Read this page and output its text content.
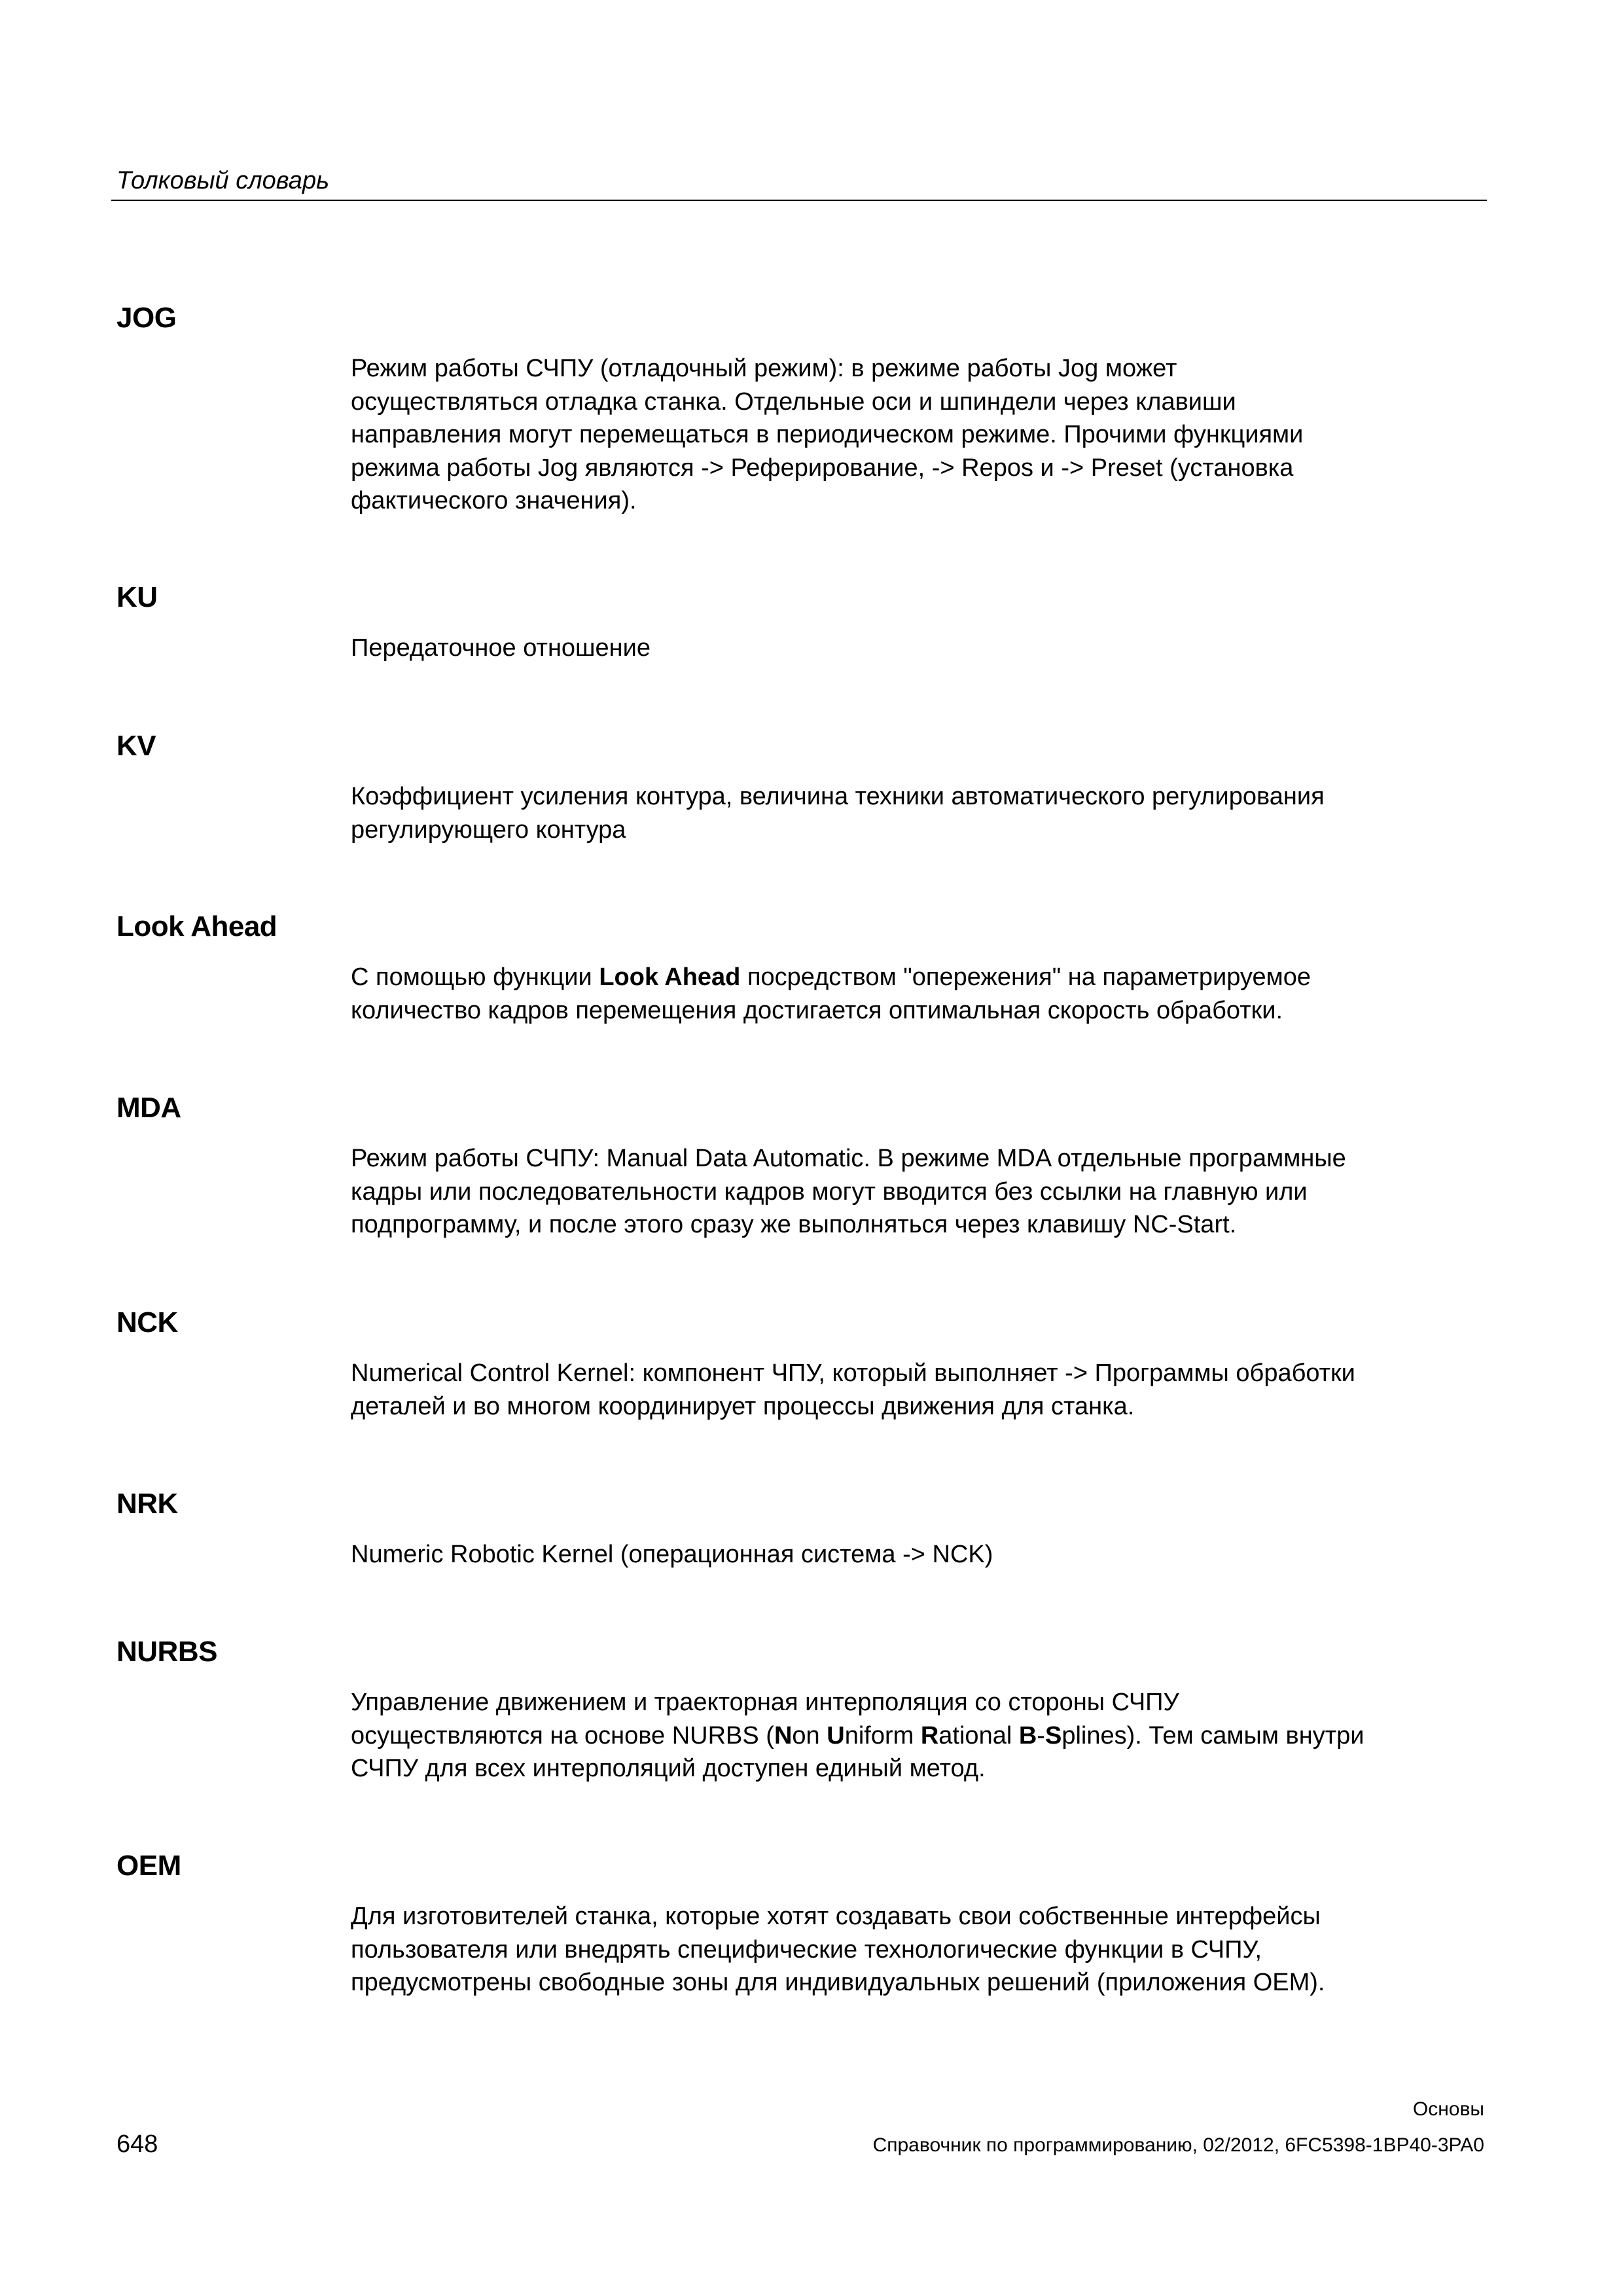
Толковый словарь
JOG

Режим работы СЧПУ (отладочный режим): в режиме работы Jog может
осуществляться отладка станка. Отдельные оси и шпиндели через клавиши
направления могут перемещаться в периодическом режиме. Прочими функциями
режима работы Jog являются -> Реферирование, -> Repos и -> Preset (установка
фактического значения).

KU

Передаточное отношение

KV

Коэффициент усиления контура, величина техники автоматического регулирования
регулирующего контура

Look Ahead

С помощью функции Look Ahead посредством "опережения" на параметрируемое
количество кадров перемещения достигается оптимальная скорость обработки.

MDA

Режим работы СЧПУ: Manual Data Automatic. В режиме MDA отдельные программные
кадры или последовательности кадров могут вводится без ссылки на главную или
подпрограмму, и после этого сразу же выполняться через клавишу NC-Start.

NCK

Numerical Control Kernel: компонент ЧПУ, который выполняет -> Программы обработки
деталей и во многом координирует процессы движения для станка.

NRK

Numeric Robotic Kernel (операционная система -> NCK)

NURBS

Управление движением и траекторная интерполяция со стороны СЧПУ
осуществляются на основе NURBS (Non Uniform Rational B-Splines). Тем самым внутри
СЧПУ для всех интерполяций доступен единый метод.

OEM

Для изготовителей станка, которые хотят создавать свои собственные интерфейсы
пользователя или внедрять специфические технологические функции в СЧПУ,
предусмотрены свободные зоны для индивидуальных решений (приложения OEM).

Основы
648	Справочник по программированию, 02/2012, 6FC5398-1BP40-3PA0
